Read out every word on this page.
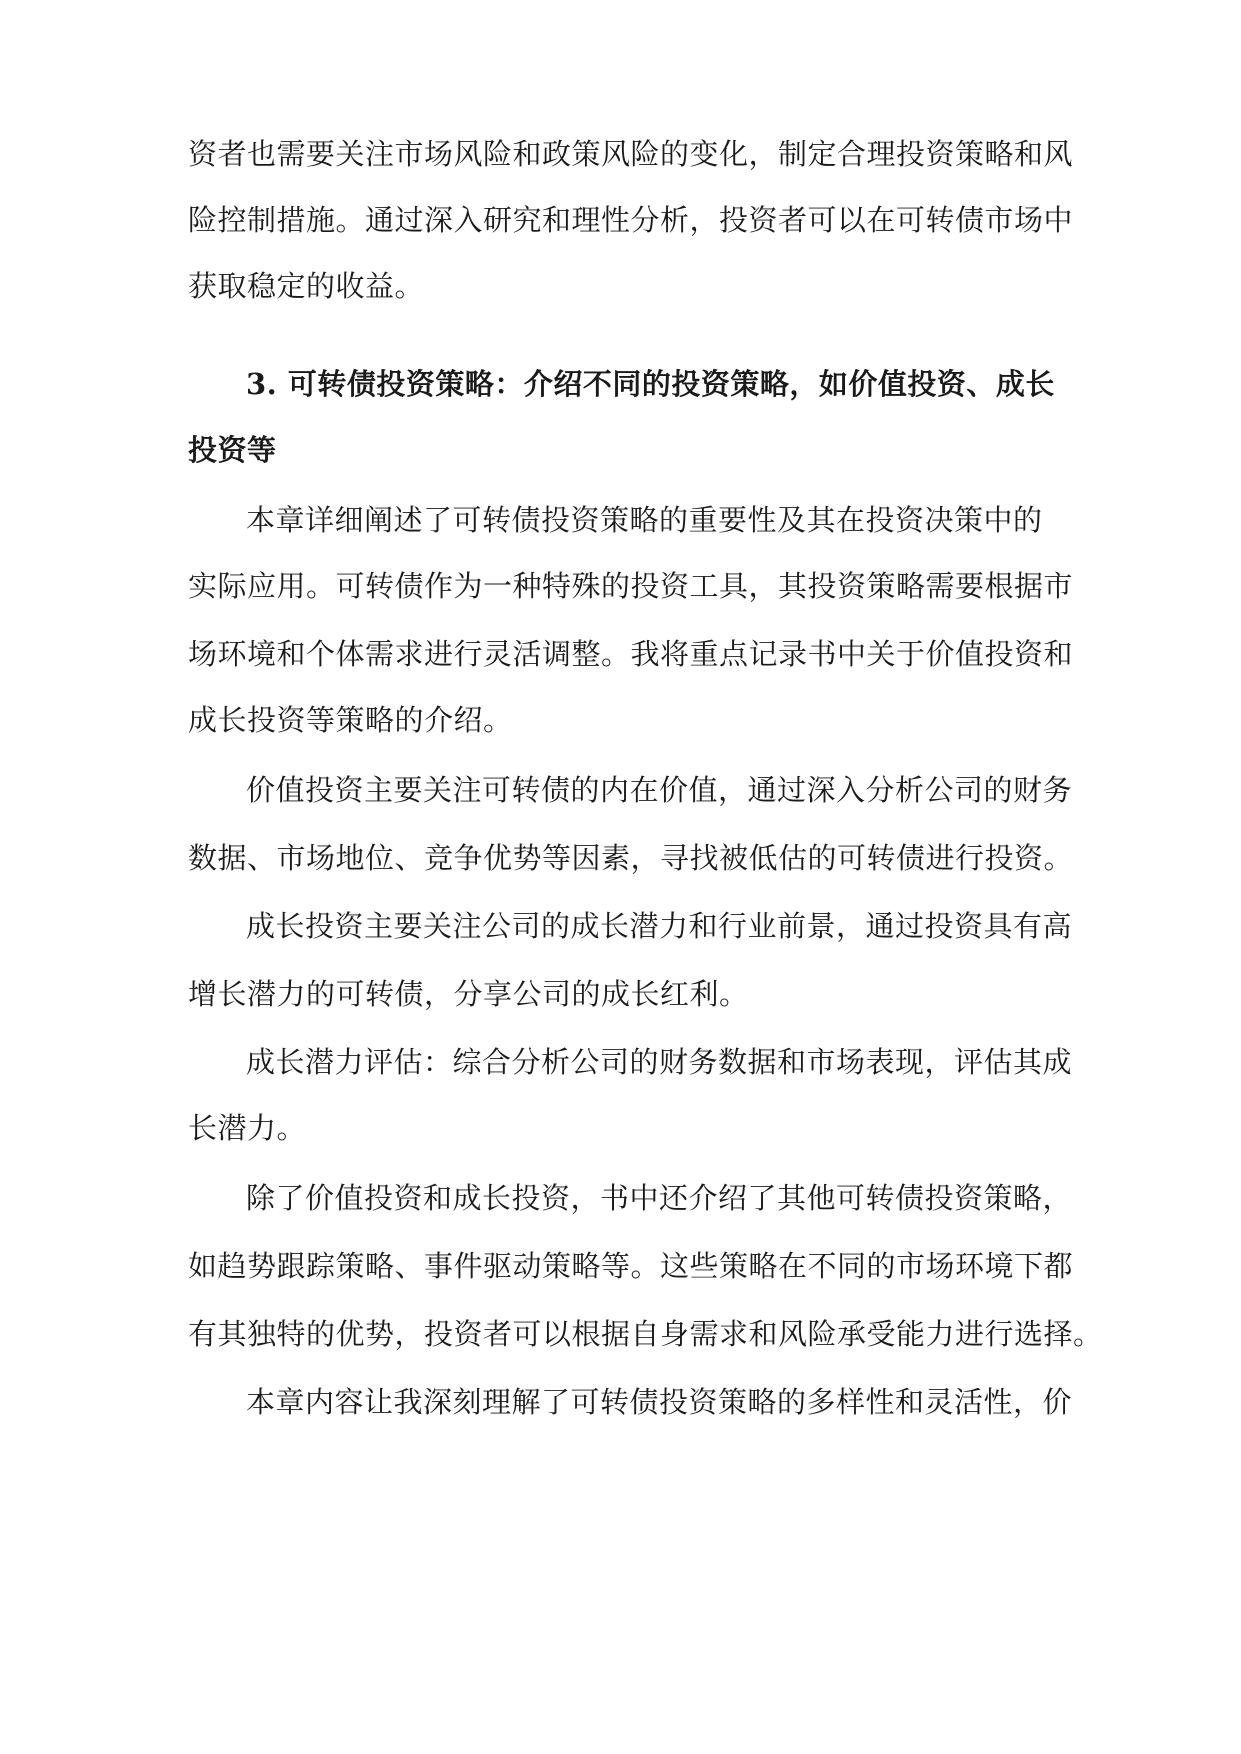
资者也需要关注市场风险和政策风险的变化，制定合理投资策略和风
险控制措施。通过深入研究和理性分析，投资者可以在可转债市场中
获取稳定的收益。
3. 可转债投资策略：介绍不同的投资策略，如价值投资、成长
投资等
本章详细阐述了可转债投资策略的重要性及其在投资决策中的
实际应用。可转债作为一种特殊的投资工具，其投资策略需要根据市
场环境和个体需求进行灵活调整。我将重点记录书中关于价值投资和
成长投资等策略的介绍。
价值投资主要关注可转债的内在价值，通过深入分析公司的财务
数据、市场地位、竞争优势等因素，寻找被低估的可转债进行投资。
成长投资主要关注公司的成长潜力和行业前景，通过投资具有高
增长潜力的可转债，分享公司的成长红利。
成长潜力评估：综合分析公司的财务数据和市场表现，评估其成
长潜力。
除了价值投资和成长投资，书中还介绍了其他可转债投资策略，
如趋势跟踪策略、事件驱动策略等。这些策略在不同的市场环境下都
有其独特的优势，投资者可以根据自身需求和风险承受能力进行选择。
本章内容让我深刻理解了可转债投资策略的多样性和灵活性，价
